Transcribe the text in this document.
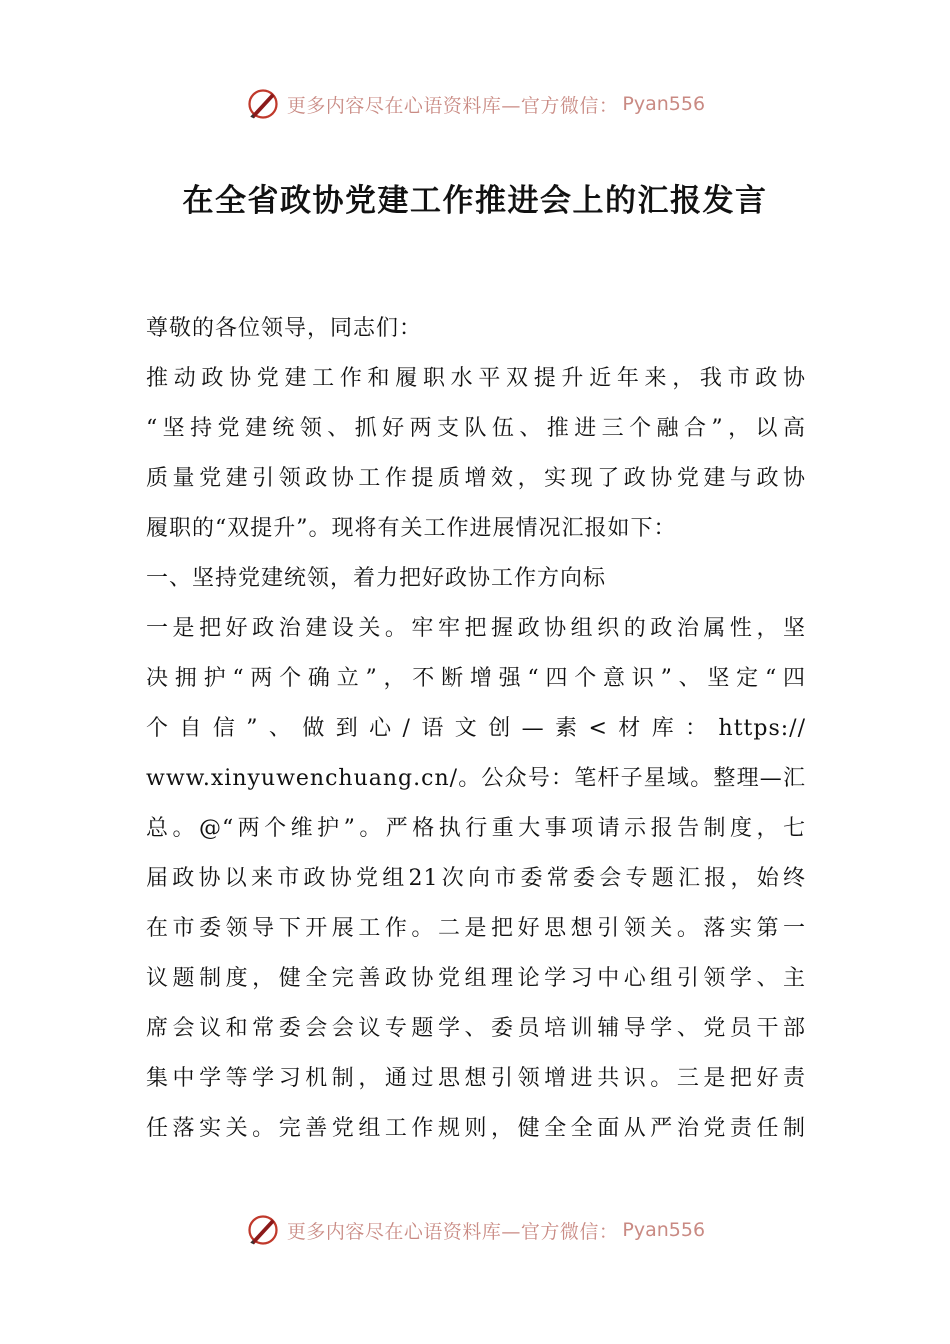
更多内容尽在心语资料库—官方微信： Pyan556
在全省政协党建工作推进会上的汇报发言
尊敬的各位领导，同志们：
推动政协党建工作和履职水平双提升近年来，我市政协
“坚持党建统领、抓好两支队伍、推进三个融合”，以高
质量党建引领政协工作提质增效，实现了政协党建与政协
履职的“双提升”。现将有关工作进展情况汇报如下：
一、坚持党建统领，着力把好政协工作方向标
一是把好政治建设关。牢牢把握政协组织的政治属性，坚
决拥护“两个确立”，不断增强“四个意识”、坚定“四
个自信”、做到心/语文创—素<材库：https://
www.xinyuwenchuang.cn/。公众号：笔杆子星域。整理—汇
总。@“两个维护”。严格执行重大事项请示报告制度，七
届政协以来市政协党组21次向市委常委会专题汇报，始终
在市委领导下开展工作。二是把好思想引领关。落实第一
议题制度，健全完善政协党组理论学习中心组引领学、主
席会议和常委会会议专题学、委员培训辅导学、党员干部
集中学等学习机制，通过思想引领增进共识。三是把好责
任落实关。完善党组工作规则，健全全面从严治党责任制
更多内容尽在心语资料库—官方微信： Pyan556
